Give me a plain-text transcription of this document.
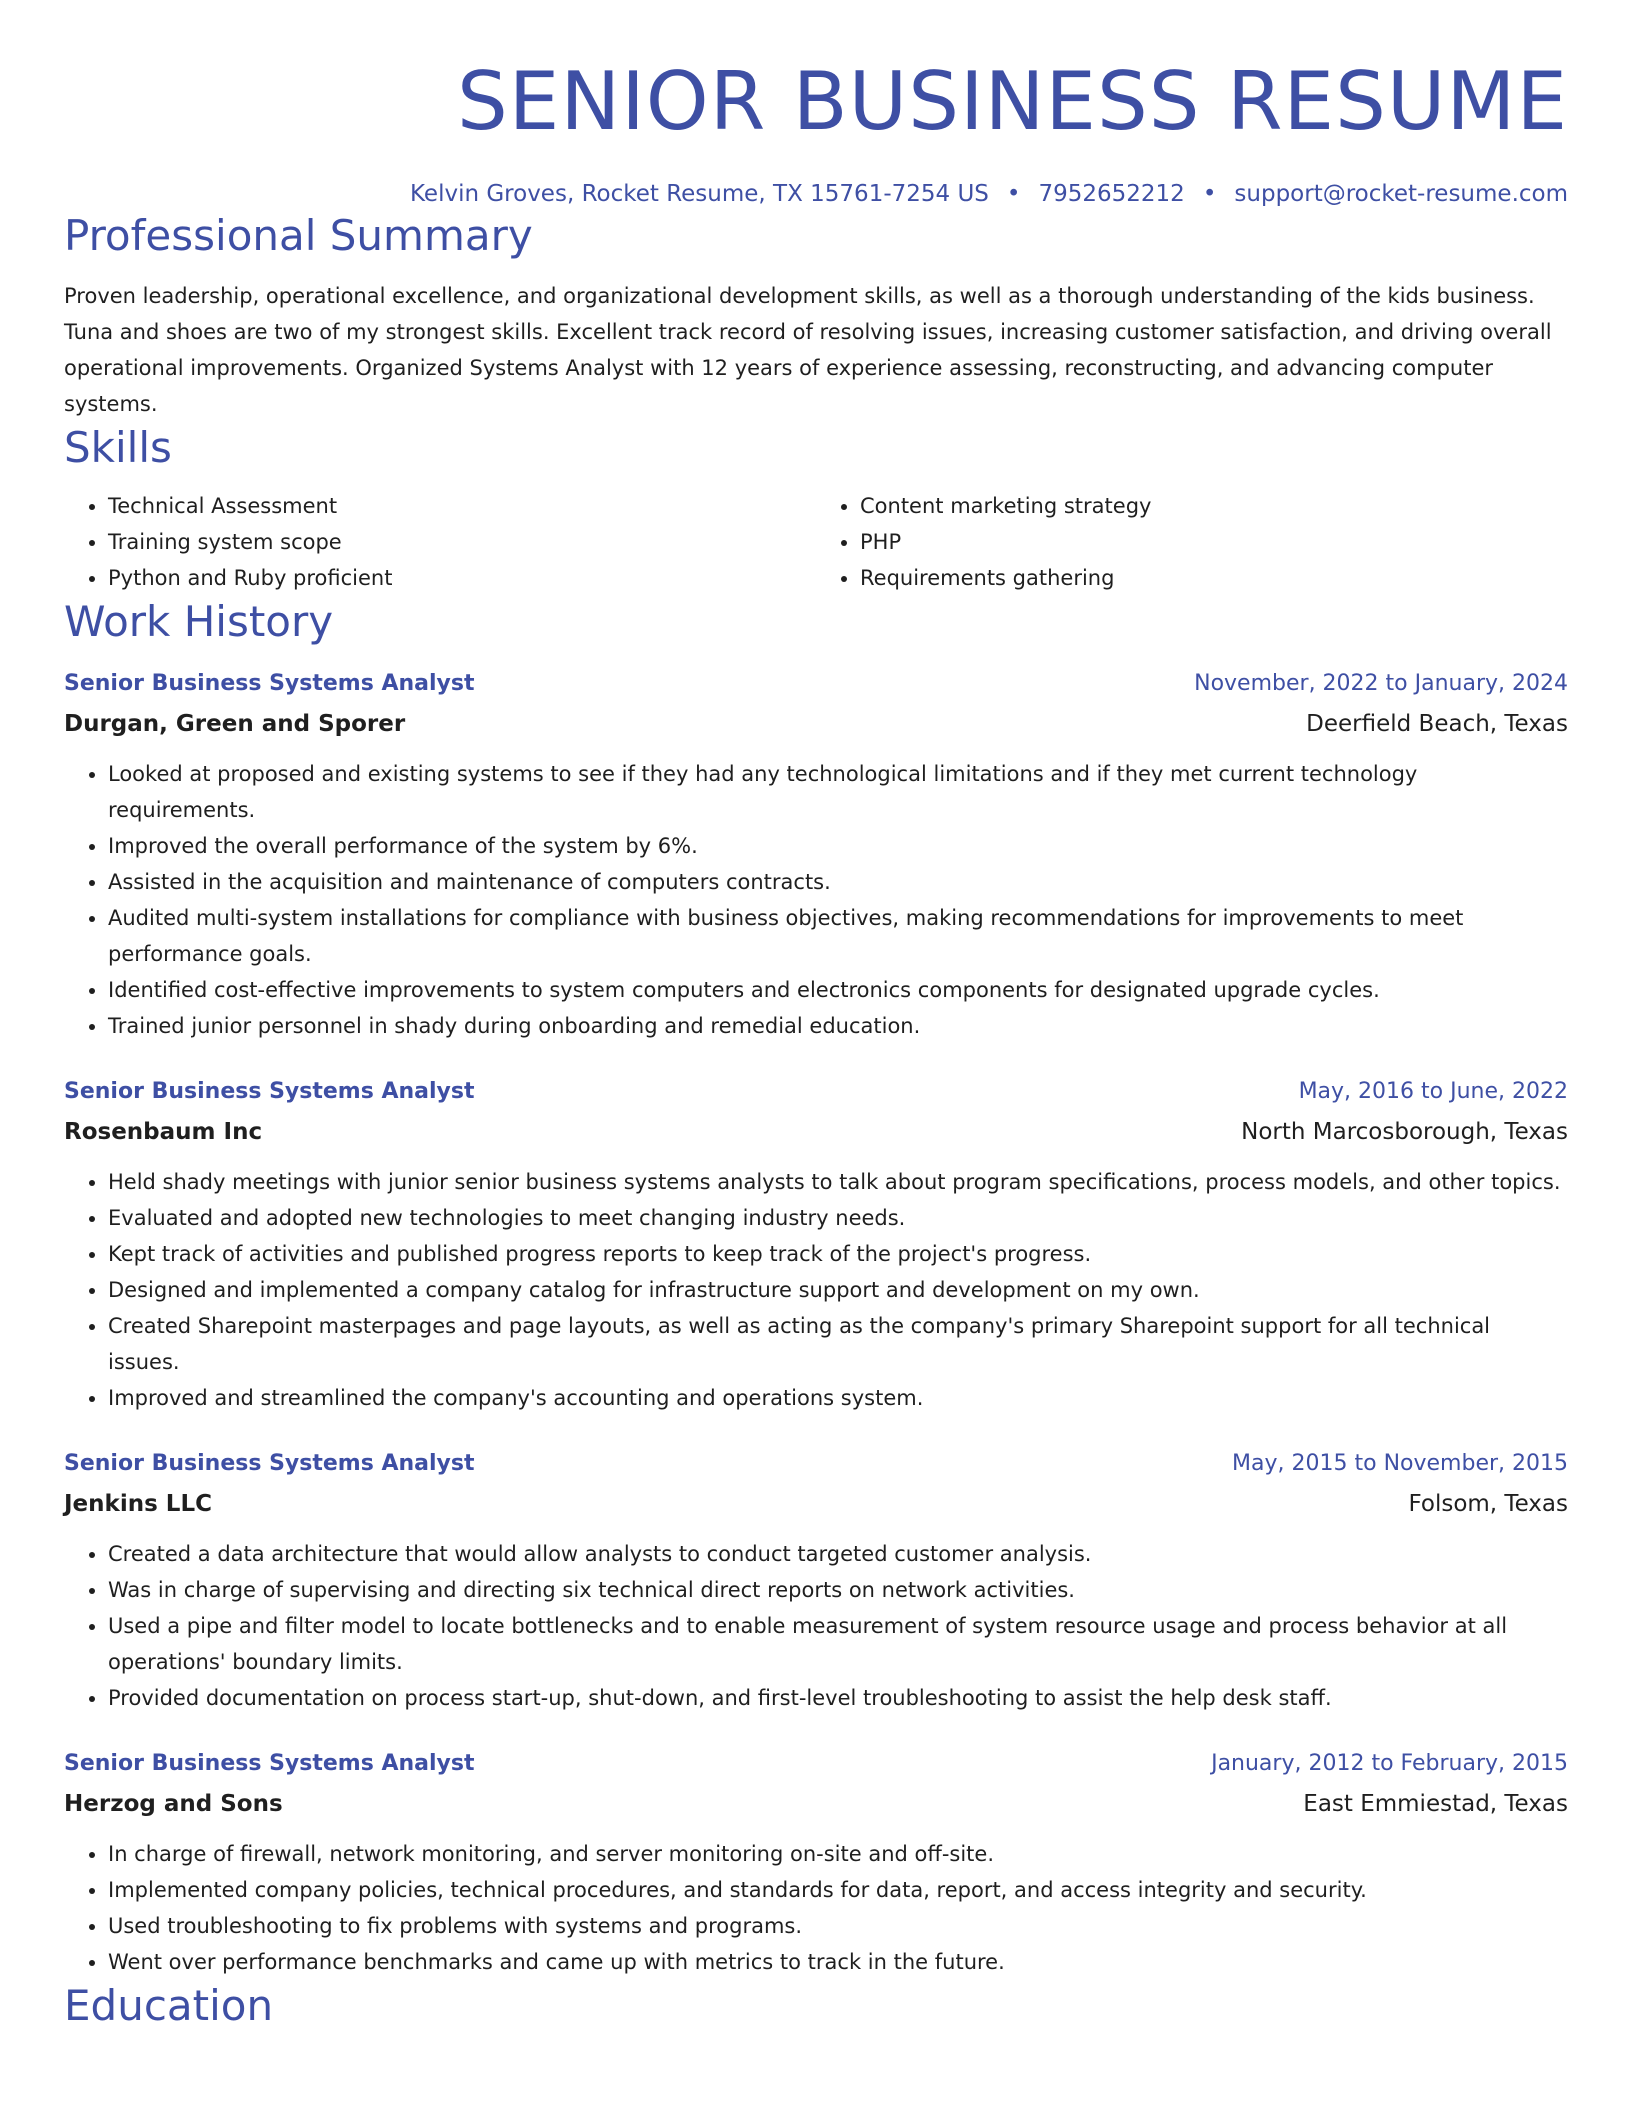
SENIOR BUSINESS RESUME
Kelvin Groves, Rocket Resume, TX 15761-7254 US • 7952652212 • support@rocket-resume.com
Professional Summary

Proven leadership, operational excellence, and organizational development skills, as well as a thorough understanding of the kids business. Tuna and shoes are two of my strongest skills. Excellent track record of resolving issues, increasing customer satisfaction, and driving overall operational improvements. Organized Systems Analyst with 12 years of experience assessing, reconstructing, and advancing computer systems.

Skills
• Technical Assessment
• Training system scope
• Python and Ruby proficient
• Content marketing strategy
• PHP
• Requirements gathering
Work History
Senior Business Systems Analyst	November, 2022 to January, 2024
Durgan, Green and Sporer	Deerfield Beach, Texas
• Looked at proposed and existing systems to see if they had any technological limitations and if they met current technology requirements.
• Improved the overall performance of the system by 6%.
• Assisted in the acquisition and maintenance of computers contracts.
• Audited multi-system installations for compliance with business objectives, making recommendations for improvements to meet performance goals.
• Identified cost-effective improvements to system computers and electronics components for designated upgrade cycles.
• Trained junior personnel in shady during onboarding and remedial education.
Senior Business Systems Analyst	May, 2016 to June, 2022
Rosenbaum Inc	North Marcosborough, Texas
• Held shady meetings with junior senior business systems analysts to talk about program specifications, process models, and other topics.
• Evaluated and adopted new technologies to meet changing industry needs.
• Kept track of activities and published progress reports to keep track of the project's progress.
• Designed and implemented a company catalog for infrastructure support and development on my own.
• Created Sharepoint masterpages and page layouts, as well as acting as the company's primary Sharepoint support for all technical issues.
• Improved and streamlined the company's accounting and operations system.
Senior Business Systems Analyst	May, 2015 to November, 2015
Jenkins LLC	Folsom, Texas
• Created a data architecture that would allow analysts to conduct targeted customer analysis.
• Was in charge of supervising and directing six technical direct reports on network activities.
• Used a pipe and filter model to locate bottlenecks and to enable measurement of system resource usage and process behavior at all operations' boundary limits.
• Provided documentation on process start-up, shut-down, and first-level troubleshooting to assist the help desk staff.
Senior Business Systems Analyst	January, 2012 to February, 2015
Herzog and Sons	East Emmiestad, Texas
• In charge of firewall, network monitoring, and server monitoring on-site and off-site.
• Implemented company policies, technical procedures, and standards for data, report, and access integrity and security.
• Used troubleshooting to fix problems with systems and programs.
• Went over performance benchmarks and came up with metrics to track in the future.
Education
